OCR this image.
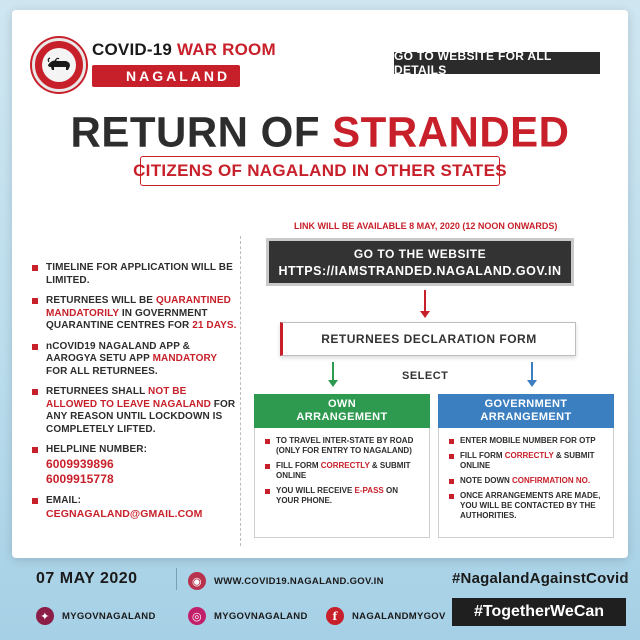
COVID-19 WAR ROOM
NAGALAND
GO TO WEBSITE FOR ALL DETAILS
RETURN OF STRANDED
CITIZENS OF NAGALAND IN OTHER STATES
TIMELINE FOR APPLICATION WILL BE LIMITED.
RETURNEES WILL BE QUARANTINED MANDATORILY IN GOVERNMENT QUARANTINE CENTRES FOR 21 DAYS.
nCOVID19 NAGALAND APP & AAROGYA SETU APP MANDATORY FOR ALL RETURNEES.
RETURNEES SHALL NOT BE ALLOWED TO LEAVE NAGALAND FOR ANY REASON UNTIL LOCKDOWN IS COMPLETELY LIFTED.
HELPLINE NUMBER:
6009939896
6009915778
EMAIL:
CEGNAGALAND@GMAIL.COM
LINK WILL BE AVAILABLE 8 MAY, 2020 (12 NOON ONWARDS)
GO TO THE WEBSITE
HTTPS://IAMSTRANDED.NAGALAND.GOV.IN
RETURNEES DECLARATION FORM
SELECT
OWN
ARRANGEMENT
TO TRAVEL INTER-STATE BY ROAD (ONLY FOR ENTRY TO NAGALAND)
FILL FORM CORRECTLY & SUBMIT ONLINE
YOU WILL RECEIVE E-PASS ON YOUR PHONE.
GOVERNMENT
ARRANGEMENT
ENTER MOBILE NUMBER FOR OTP
FILL FORM CORRECTLY & SUBMIT ONLINE
NOTE DOWN CONFIRMATION NO.
ONCE ARRANGEMENTS ARE MADE, YOU WILL BE CONTACTED BY THE AUTHORITIES.
07 MAY 2020	◉	WWW.COVID19.NAGALAND.GOV.IN
✦	MYGOVNAGALAND	◎	MYGOVNAGALAND	f	NAGALANDMYGOV
#NagalandAgainstCovid
#TogetherWeCan
